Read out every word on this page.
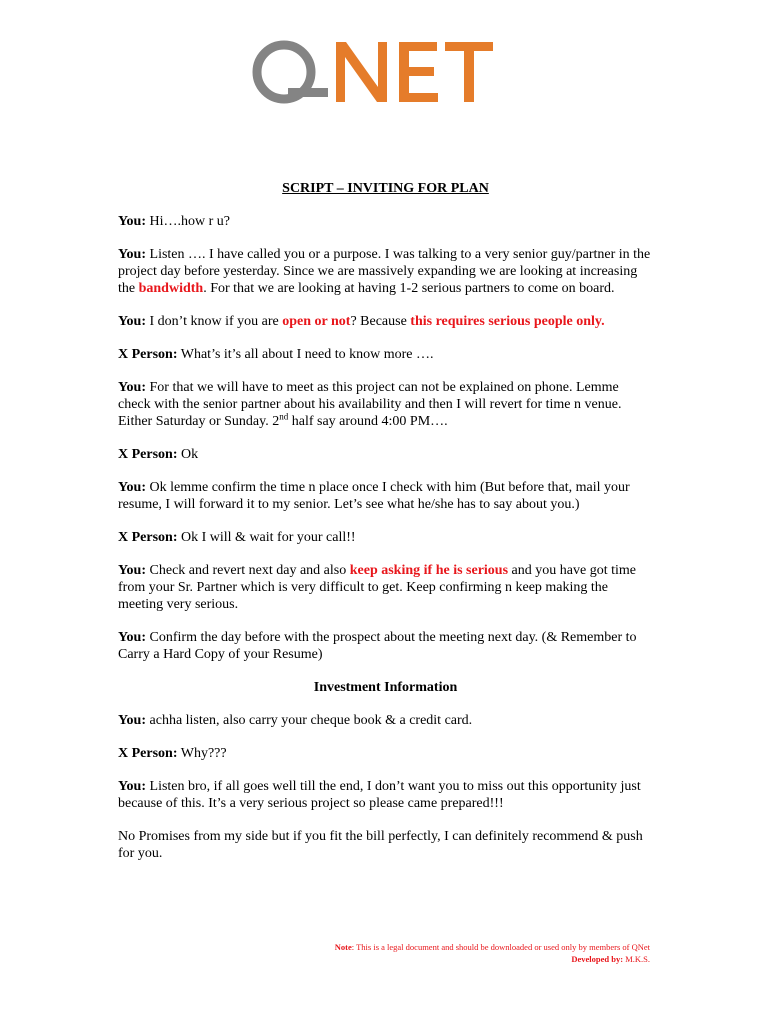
SCRIPT – INVITING FOR PLAN

You: Hi….how r u?

You: Listen …. I have called you or a purpose. I was talking to a very senior guy/partner in the project day before yesterday. Since we are massively expanding we are looking at increasing the bandwidth. For that we are looking at having 1-2 serious partners to come on board.

You: I don’t know if you are open or not? Because this requires serious people only.

X Person: What’s it’s all about I need to know more ….

You: For that we will have to meet as this project can not be explained on phone. Lemme check with the senior partner about his availability and then I will revert for time n venue. Either Saturday or Sunday. 2nd half say around 4:00 PM….

X Person: Ok

You: Ok lemme confirm the time n place once I check with him (But before that, mail your resume, I will forward it to my senior. Let’s see what he/she has to say about you.)

X Person: Ok I will & wait for your call!!

You: Check and revert next day and also keep asking if he is serious and you have got time from your Sr. Partner which is very difficult to get. Keep confirming n keep making the meeting very serious.

You: Confirm the day before with the prospect about the meeting next day. (& Remember to Carry a Hard Copy of your Resume)

Investment Information

You: achha listen, also carry your cheque book & a credit card.

X Person: Why???

You: Listen bro, if all goes well till the end, I don’t want you to miss out this opportunity just because of this. It’s a very serious project so please came prepared!!!

No Promises from my side but if you fit the bill perfectly, I can definitely recommend & push for you.

Note: This is a legal document and should be downloaded or used only by members of QNet
Developed by: M.K.S.
